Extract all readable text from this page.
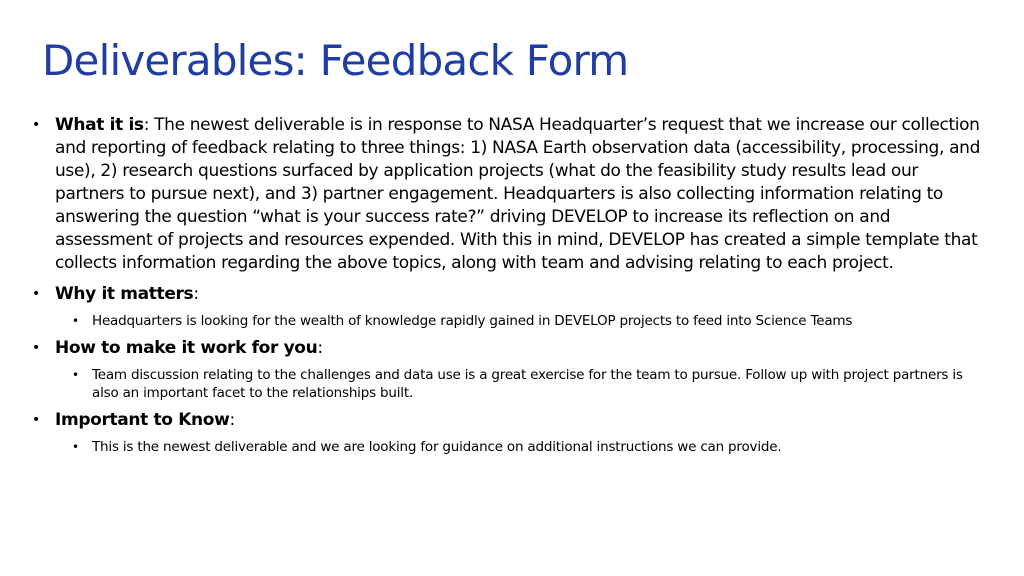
Deliverables: Feedback Form
• What it is: The newest deliverable is in response to NASA Headquarter’s request that we increase our collection and reporting of feedback relating to three things: 1) NASA Earth observation data (accessibility, processing, and use), 2) research questions surfaced by application projects (what do the feasibility study results lead our partners to pursue next), and 3) partner engagement. Headquarters is also collecting information relating to answering the question “what is your success rate?” driving DEVELOP to increase its reflection on and assessment of projects and resources expended. With this in mind, DEVELOP has created a simple template that collects information regarding the above topics, along with team and advising relating to each project.
• Why it matters:
• Headquarters is looking for the wealth of knowledge rapidly gained in DEVELOP projects to feed into Science Teams
• How to make it work for you:
• Team discussion relating to the challenges and data use is a great exercise for the team to pursue. Follow up with project partners is also an important facet to the relationships built.
• Important to Know:
• This is the newest deliverable and we are looking for guidance on additional instructions we can provide.
